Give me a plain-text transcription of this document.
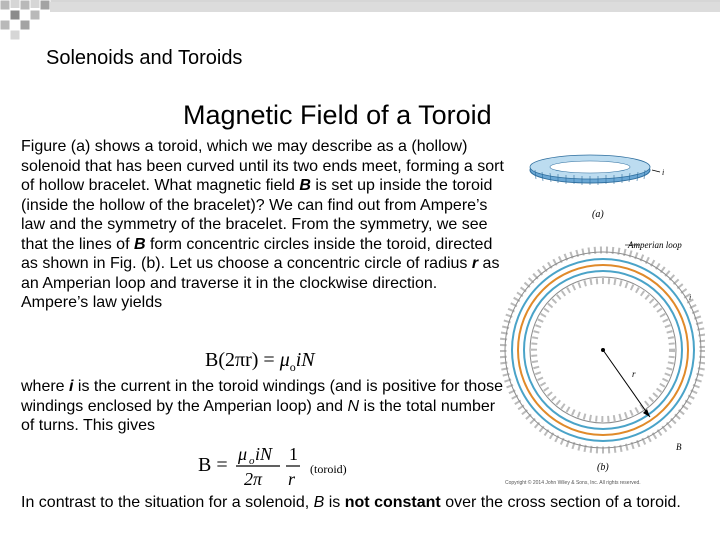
Solenoids and Toroids
Magnetic Field of a Toroid
Figure (a) shows a toroid, which we may describe as a (hollow) solenoid that has been curved until its two ends meet, forming a sort of hollow bracelet. What magnetic field B is set up inside the toroid (inside the hollow of the bracelet)? We can find out from Ampere’s law and the symmetry of the bracelet. From the symmetry, we see that the lines of B form concentric circles inside the toroid, directed as shown in Fig. (b). Let us choose a concentric circle of radius r as an Amperian loop and traverse it in the clockwise direction. Ampere’s law yields
$B(2\pi r) = \mu_oiN$
where i is the current in the toroid windings (and is positive for those windings enclosed by the Amperian loop) and N is the total number of turns. This gives
B = μ o iN
2π
1
r (toroid)
i
(a)
Amperian loop
i
r
B
(b)
Copyright © 2014 John Wiley & Sons, Inc. All rights reserved.
In contrast to the situation for a solenoid, B is not constant over the cross section of a toroid.
